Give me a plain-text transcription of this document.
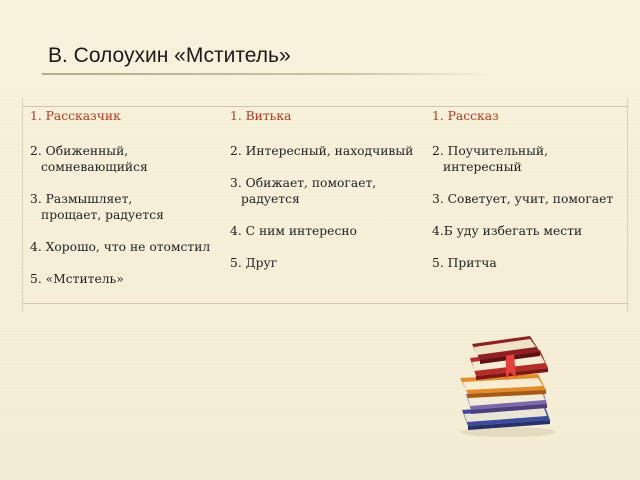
В. Солоухин «Мститель»
1. Рассказчик
2. Обиженный,
сомневающийся
3. Размышляет,
прощает, радуется
4. Хорошо, что не отомстил
5. «Мститель»
1. Витька
2. Интересный, находчивый
3. Обижает, помогает,
радуется
4. С ним интересно
5. Друг
1. Рассказ
2. Поучительный,
интересный
3. Советует, учит, помогает
4.Б уду избегать мести
5. Притча
